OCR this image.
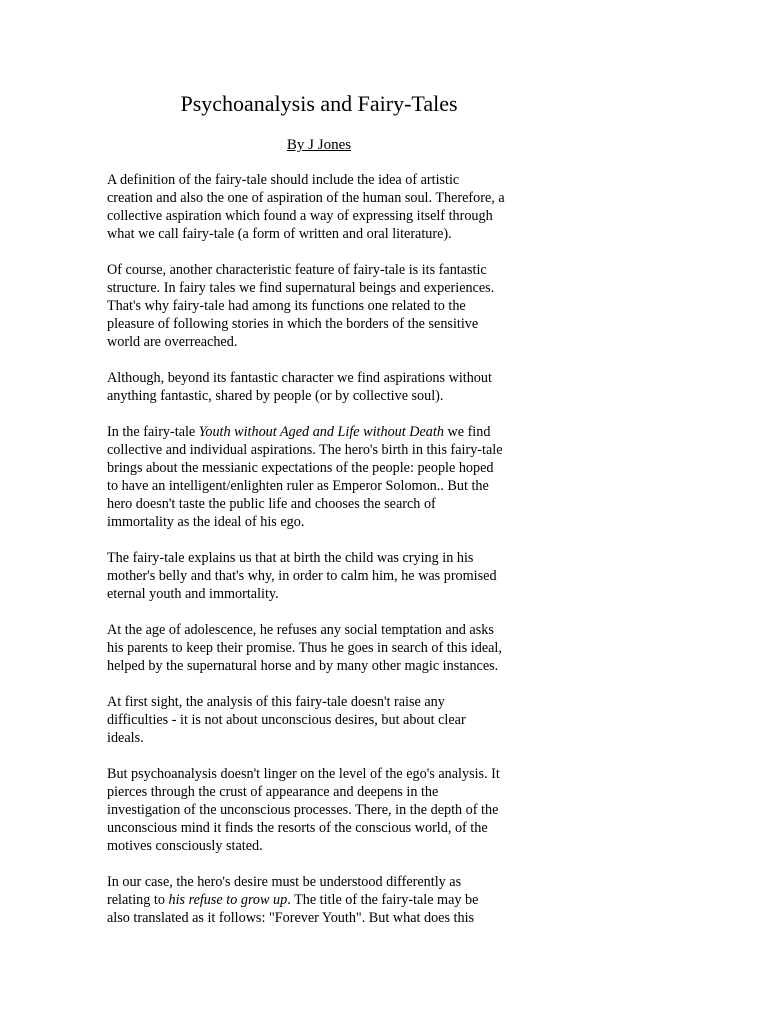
Psychoanalysis and Fairy-Tales
By J Jones

A definition of the fairy-tale should include the idea of artistic
creation and also the one of aspiration of the human soul. Therefore, a
collective aspiration which found a way of expressing itself through
what we call fairy-tale (a form of written and oral literature).

Of course, another characteristic feature of fairy-tale is its fantastic
structure. In fairy tales we find supernatural beings and experiences.
That's why fairy-tale had among its functions one related to the
pleasure of following stories in which the borders of the sensitive
world are overreached.

Although, beyond its fantastic character we find aspirations without
anything fantastic, shared by people (or by collective soul).

In the fairy-tale Youth without Aged and Life without Death we find
collective and individual aspirations. The hero's birth in this fairy-tale
brings about the messianic expectations of the people: people hoped
to have an intelligent/enlighten ruler as Emperor Solomon.. But the
hero doesn't taste the public life and chooses the search of
immortality as the ideal of his ego.

The fairy-tale explains us that at birth the child was crying in his
mother's belly and that's why, in order to calm him, he was promised
eternal youth and immortality.

At the age of adolescence, he refuses any social temptation and asks
his parents to keep their promise. Thus he goes in search of this ideal,
helped by the supernatural horse and by many other magic instances.

At first sight, the analysis of this fairy-tale doesn't raise any
difficulties - it is not about unconscious desires, but about clear
ideals.

But psychoanalysis doesn't linger on the level of the ego's analysis. It
pierces through the crust of appearance and deepens in the
investigation of the unconscious processes. There, in the depth of the
unconscious mind it finds the resorts of the conscious world, of the
motives consciously stated.

In our case, the hero's desire must be understood differently as
relating to his refuse to grow up. The title of the fairy-tale may be
also translated as it follows: "Forever Youth". But what does this
